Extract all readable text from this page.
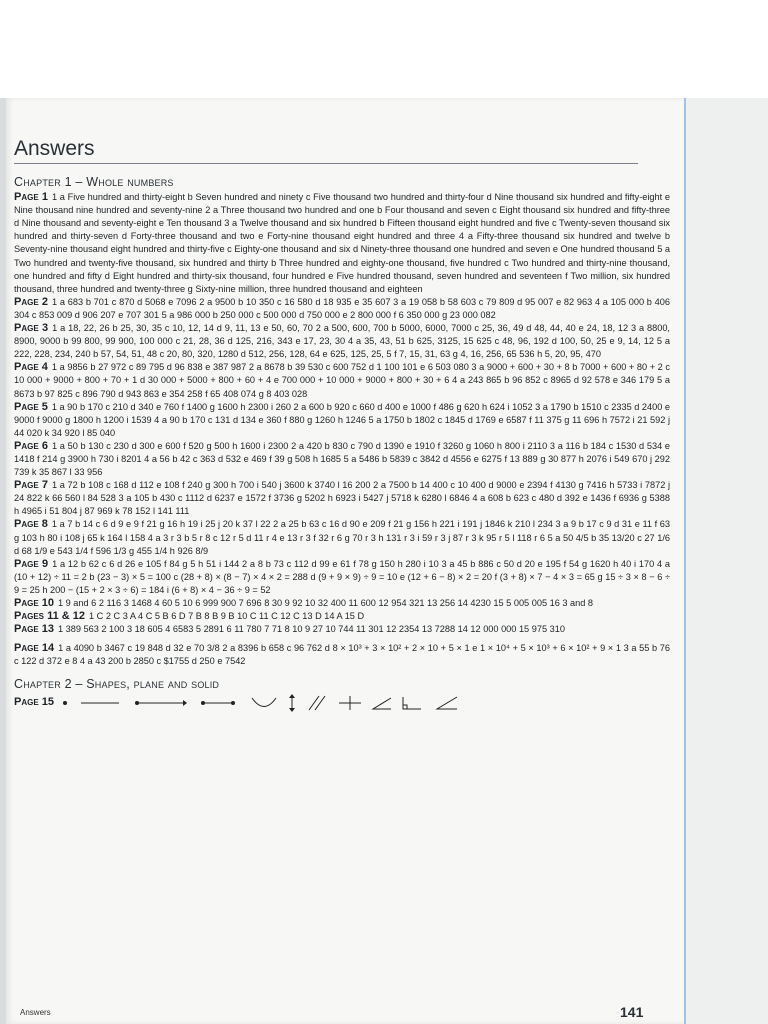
Answers
Chapter 1 – Whole numbers

Page 1 1 a Five hundred and thirty-eight b Seven hundred and ninety c Five thousand two hundred and thirty-four d Nine thousand six hundred and fifty-eight e Nine thousand nine hundred and seventy-nine 2 a Three thousand two hundred and one b Four thousand and seven c Eight thousand six hundred and fifty-three d Nine thousand and seventy-eight e Ten thousand 3 a Twelve thousand and six hundred b Fifteen thousand eight hundred and five c Twenty-seven thousand six hundred and thirty-seven d Forty-three thousand and two e Forty-nine thousand eight hundred and three 4 a Fifty-three thousand six hundred and twelve b Seventy-nine thousand eight hundred and thirty-five c Eighty-one thousand and six d Ninety-three thousand one hundred and seven e One hundred thousand 5 a Two hundred and twenty-five thousand, six hundred and thirty b Three hundred and eighty-one thousand, five hundred c Two hundred and thirty-nine thousand, one hundred and fifty d Eight hundred and thirty-six thousand, four hundred e Five hundred thousand, seven hundred and seventeen f Two million, six hundred thousand, three hundred and twenty-three g Sixty-nine million, three hundred thousand and eighteen

Page 2 1 a 683 b 701 c 870 d 5068 e 7096 2 a 9500 b 10 350 c 16 580 d 18 935 e 35 607 3 a 19 058 b 58 603 c 79 809 d 95 007 e 82 963 4 a 105 000 b 406 304 c 853 009 d 906 207 e 707 301 5 a 986 000 b 250 000 c 500 000 d 750 000 e 2 800 000 f 6 350 000 g 23 000 082

Page 3 1 a 18, 22, 26 b 25, 30, 35 c 10, 12, 14 d 9, 11, 13 e 50, 60, 70 2 a 500, 600, 700 b 5000, 6000, 7000 c 25, 36, 49 d 48, 44, 40 e 24, 18, 12 3 a 8800, 8900, 9000 b 99 800, 99 900, 100 000 c 21, 28, 36 d 125, 216, 343 e 17, 23, 30 4 a 35, 43, 51 b 625, 3125, 15 625 c 48, 96, 192 d 100, 50, 25 e 9, 14, 12 5 a 222, 228, 234, 240 b 57, 54, 51, 48 c 20, 80, 320, 1280 d 512, 256, 128, 64 e 625, 125, 25, 5 f 7, 15, 31, 63 g 4, 16, 256, 65 536 h 5, 20, 95, 470

Page 4 1 a 9856 b 27 972 c 89 795 d 96 838 e 387 987 2 a 8678 b 39 530 c 600 752 d 1 100 101 e 6 503 080 3 a 9000 + 600 + 30 + 8 b 7000 + 600 + 80 + 2 c 10 000 + 9000 + 800 + 70 + 1 d 30 000 + 5000 + 800 + 60 + 4 e 700 000 + 10 000 + 9000 + 800 + 30 + 6 4 a 243 865 b 96 852 c 8965 d 92 578 e 346 179 5 a 8673 b 97 825 c 896 790 d 943 863 e 354 258 f 65 408 074 g 8 403 028

Page 5 1 a 90 b 170 c 210 d 340 e 760 f 1400 g 1600 h 2300 i 260 2 a 600 b 920 c 660 d 400 e 1000 f 486 g 620 h 624 i 1052 3 a 1790 b 1510 c 2335 d 2400 e 9000 f 9000 g 1800 h 1200 i 1539 4 a 90 b 170 c 131 d 134 e 360 f 880 g 1260 h 1246 5 a 1750 b 1802 c 1845 d 1769 e 6587 f 11 375 g 11 696 h 7572 i 21 592 j 44 020 k 34 920 l 85 040

Page 6 1 a 50 b 130 c 230 d 300 e 600 f 520 g 500 h 1600 i 2300 2 a 420 b 830 c 790 d 1390 e 1910 f 3260 g 1060 h 800 i 2110 3 a 116 b 184 c 1530 d 534 e 1418 f 214 g 3900 h 730 i 8201 4 a 56 b 42 c 363 d 532 e 469 f 39 g 508 h 1685 5 a 5486 b 5839 c 3842 d 4556 e 6275 f 13 889 g 30 877 h 2076 i 549 670 j 292 739 k 35 867 l 33 956

Page 7 1 a 72 b 108 c 168 d 112 e 108 f 240 g 300 h 700 i 540 j 3600 k 3740 l 16 200 2 a 7500 b 14 400 c 10 400 d 9000 e 2394 f 4130 g 7416 h 5733 i 7872 j 24 822 k 66 560 l 84 528 3 a 105 b 430 c 1112 d 6237 e 1572 f 3736 g 5202 h 6923 i 5427 j 5718 k 6280 l 6846 4 a 608 b 623 c 480 d 392 e 1436 f 6936 g 5388 h 4965 i 51 804 j 87 969 k 78 152 l 141 111

Page 8 1 a 7 b 14 c 6 d 9 e 9 f 21 g 16 h 19 i 25 j 20 k 37 l 22 2 a 25 b 63 c 16 d 90 e 209 f 21 g 156 h 221 i 191 j 1846 k 210 l 234 3 a 9 b 17 c 9 d 31 e 11 f 63 g 103 h 80 i 108 j 65 k 164 l 158 4 a 3 r 3 b 5 r 8 c 12 r 5 d 11 r 4 e 13 r 3 f 32 r 6 g 70 r 3 h 131 r 3 i 59 r 3 j 87 r 3 k 95 r 5 l 118 r 6 5 a 50 4/5 b 35 13/20 c 27 1/6 d 68 1/9 e 543 1/4 f 596 1/3 g 455 1/4 h 926 8/9

Page 9 1 a 12 b 62 c 6 d 26 e 105 f 84 g 5 h 51 i 144 2 a 8 b 73 c 112 d 99 e 61 f 78 g 150 h 280 i 10 3 a 45 b 886 c 50 d 20 e 195 f 54 g 1620 h 40 i 170 4 a (10 + 12) ÷ 11 = 2 b (23 − 3) × 5 = 100 c (28 + 8) × (8 − 7) × 4 × 2 = 288 d (9 + 9 × 9) ÷ 9 = 10 e (12 + 6 − 8) × 2 = 20 f (3 + 8) × 7 − 4 × 3 = 65 g 15 ÷ 3 × 8 − 6 ÷ 9 = 25 h 200 − (15 + 2 × 3 ÷ 6) = 184 i (6 + 8) × 4 − 36 ÷ 9 = 52

Page 10 1 9 and 6 2 116 3 1468 4 60 5 10 6 999 900 7 696 8 30 9 92 10 32 400 11 600 12 954 321 13 256 14 4230 15 5 005 005 16 3 and 8

Pages 11 & 12 1 C 2 C 3 A 4 C 5 B 6 D 7 B 8 B 9 B 10 C 11 C 12 C 13 D 14 A 15 D

Page 13 1 389 563 2 100 3 18 605 4 6583 5 2891 6 11 780 7 71 8 10 9 27 10 744 11 301 12 2354 13 7288 14 12 000 000 15 975 310

Page 14 1 a 4090 b 3467 c 19 848 d 32 e 70 3/8 2 a 8396 b 658 c 96 762 d 8 × 10³ + 3 × 10² + 2 × 10 + 5 × 1 e 1 × 10⁴ + 5 × 10³ + 6 × 10² + 9 × 1 3 a 55 b 76 c 122 d 372 e 8 4 a 43 200 b 2850 c $1755 d 250 e 7542

Chapter 2 – Shapes, plane and solid

Page 15

Answers	141
